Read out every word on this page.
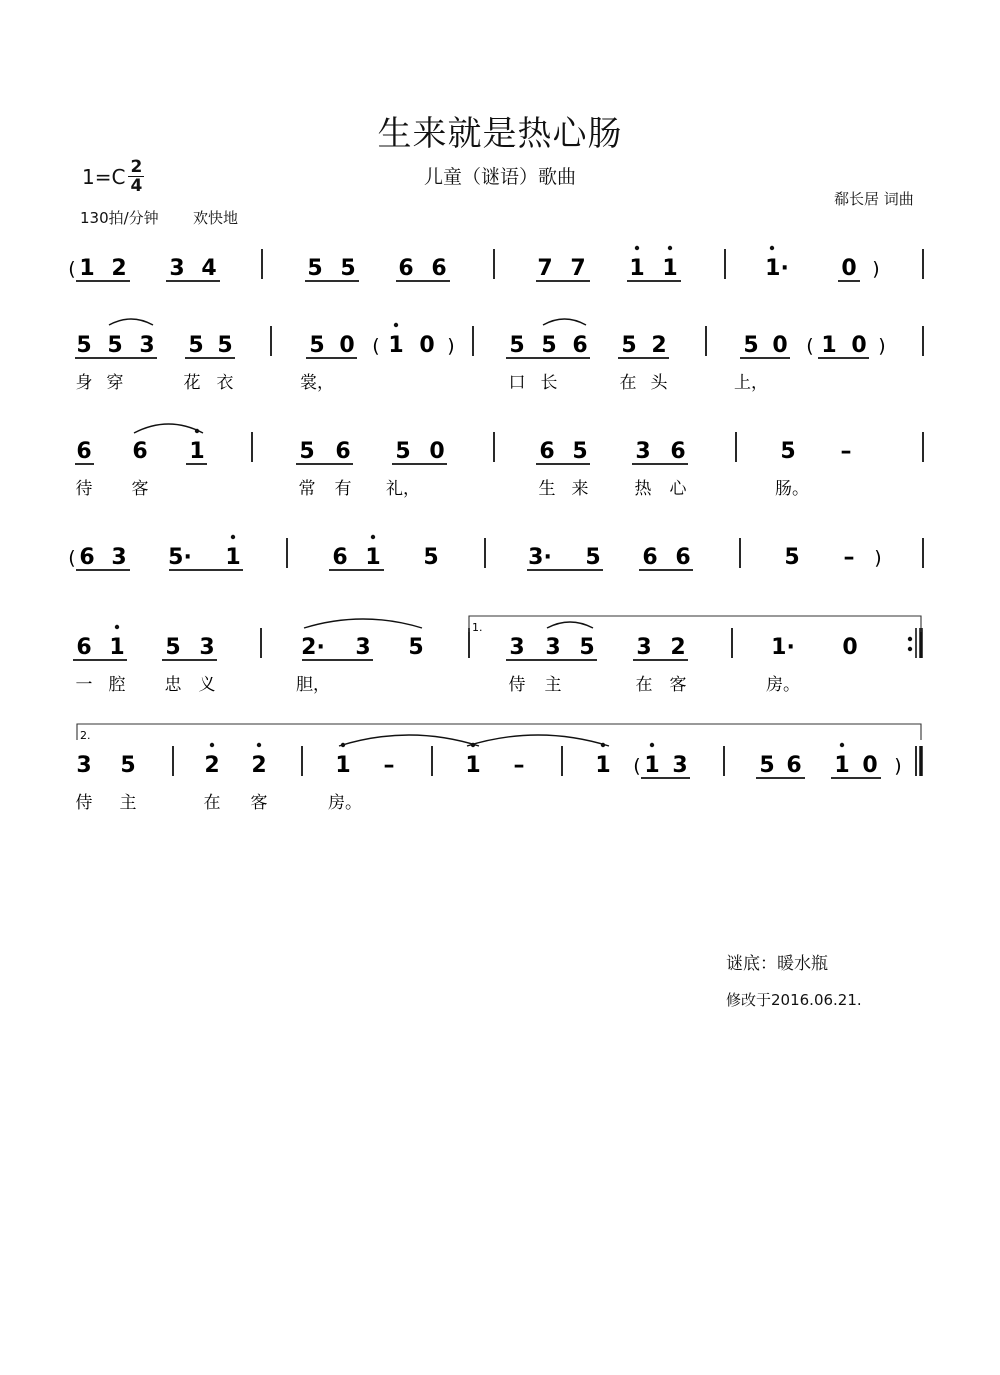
生来就是热心肠
儿童（谜语）歌曲
$1=C \frac{2}{4}$
130拍/分钟 欢快地
郗长居 词曲
谜底：暖水瓶
修改于2016.06.21.
( 1 2 3 4	5 5 6 6	7 7 1 1	1· 0 )
5 5 3 5 5	5 0 ( 1 0 ) 5 5 6 5 2	5 0 ( 1 0 )
身 穿	花 衣	裳，	口 长	在 头	上，
6 6 1	5 6 5 0	6 5 3 6	5 –
待 客	常 有 礼，	生 来	热 心	肠。
( 6 3 5· 1	6 1 5	3· 5 6 6	5 – )
6 1 5 3	2· 3 5	3 3 5 3 2	1· 0
一 腔 忠 义	胆，	侍 主	在 客	房。
3 5	2 2	1 –	1 –	1 ( 1 3	5 6 1 0 )
侍 主	在 客	房。
1.
2.
